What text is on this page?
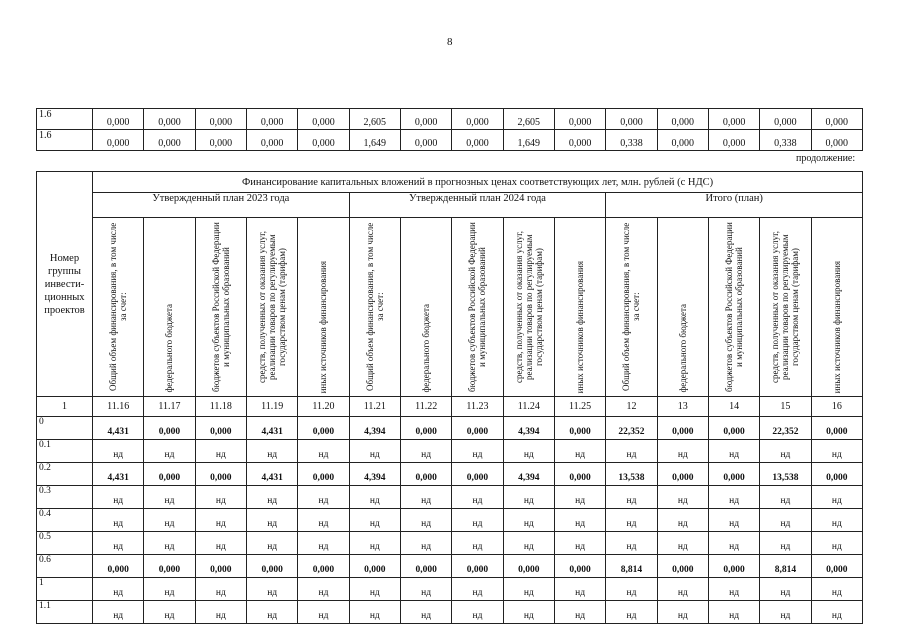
8
1.6	0,000	0,000	0,000	0,000	0,000	2,605	0,000	0,000	2,605	0,000	0,000	0,000	0,000	0,000	0,000
1.6	0,000	0,000	0,000	0,000	0,000	1,649	0,000	0,000	1,649	0,000	0,338	0,000	0,000	0,338	0,000
продолжение:
Номер группы инвести-ционных проектов	Финансирование капитальных вложений в прогнозных ценах соответствующих лет, млн. рублей (с НДС)														
	Утвержденный план 2023 года					Утвержденный план 2024 года					Итого (план)				

	Общий объем финансирования, в том числе за счет:	федерального бюджета	бюджетов субъектов Российской Федерации и муниципальных образований	средств, полученных от оказания услуг, реализации товаров по регулируемым государством ценам (тарифам)	иных источников финансирования	Общий объем финансирования, в том числе за счет:	федерального бюджета	бюджетов субъектов Российской Федерации и муниципальных образований	средств, полученных от оказания услуг, реализации товаров по регулируемым государством ценам (тарифам)	иных источников финансирования	Общий объем финансирования, в том числе за счет:	федерального бюджета	бюджетов субъектов Российской Федерации и муниципальных образований	средств, полученных от оказания услуг, реализации товаров по регулируемым государством ценам (тарифам)	иных источников финансирования

1	11.16	11.17	11.18	11.19	11.20	11.21	11.22	11.23	11.24	11.25	12	13	14	15	16
0	4,431	0,000	0,000	4,431	0,000	4,394	0,000	0,000	4,394	0,000	22,352	0,000	0,000	22,352	0,000
0.1	нд	нд	нд	нд	нд	нд	нд	нд	нд	нд	нд	нд	нд	нд	нд
0.2	4,431	0,000	0,000	4,431	0,000	4,394	0,000	0,000	4,394	0,000	13,538	0,000	0,000	13,538	0,000
0.3	нд	нд	нд	нд	нд	нд	нд	нд	нд	нд	нд	нд	нд	нд	нд
0.4	нд	нд	нд	нд	нд	нд	нд	нд	нд	нд	нд	нд	нд	нд	нд
0.5	нд	нд	нд	нд	нд	нд	нд	нд	нд	нд	нд	нд	нд	нд	нд
0.6	0,000	0,000	0,000	0,000	0,000	0,000	0,000	0,000	0,000	0,000	8,814	0,000	0,000	8,814	0,000
1	нд	нд	нд	нд	нд	нд	нд	нд	нд	нд	нд	нд	нд	нд	нд
1.1	нд	нд	нд	нд	нд	нд	нд	нд	нд	нд	нд	нд	нд	нд	нд
